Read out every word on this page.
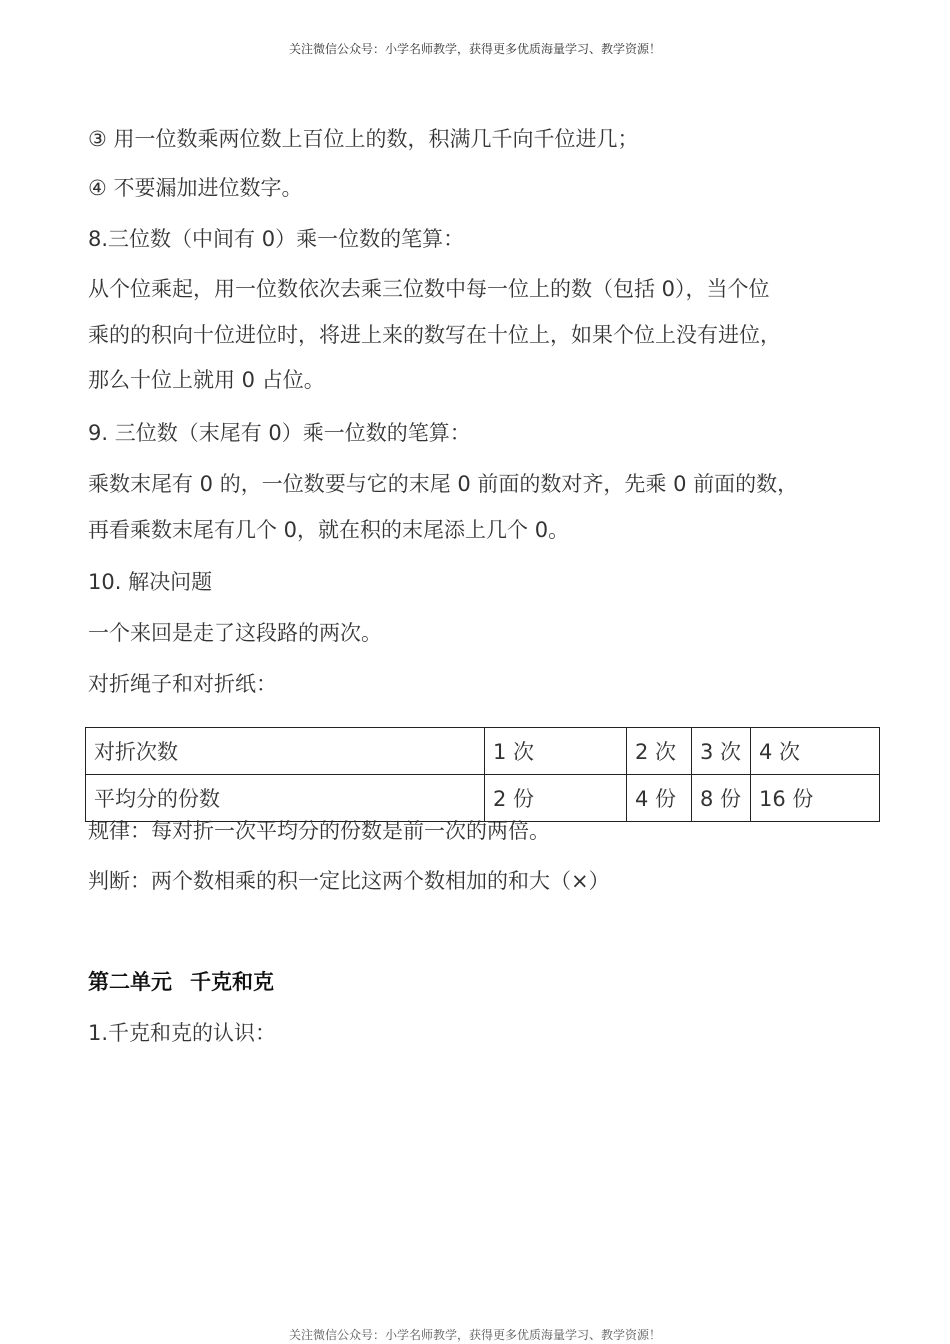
关注微信公众号：小学名师教学，获得更多优质海量学习、教学资源！
③ 用一位数乘两位数上百位上的数，积满几千向千位进几；
④ 不要漏加进位数字。
8.三位数（中间有 0）乘一位数的笔算：
从个位乘起，用一位数依次去乘三位数中每一位上的数（包括 0），当个位
乘的的积向十位进位时，将进上来的数写在十位上，如果个位上没有进位，
那么十位上就用 0 占位。
9. 三位数（末尾有 0）乘一位数的笔算：
乘数末尾有 0 的，一位数要与它的末尾 0 前面的数对齐，先乘 0 前面的数，
再看乘数末尾有几个 0，就在积的末尾添上几个 0。
10. 解决问题
一个来回是走了这段路的两次。
对折绳子和对折纸：
对折次数	1 次	2 次	3 次	4 次
平均分的份数	2 份	4 份	8 份	16 份
规律：每对折一次平均分的份数是前一次的两倍。
判断：两个数相乘的积一定比这两个数相加的和大（×）
第二单元 千克和克
1.千克和克的认识：
关注微信公众号：小学名师教学，获得更多优质海量学习、教学资源！
